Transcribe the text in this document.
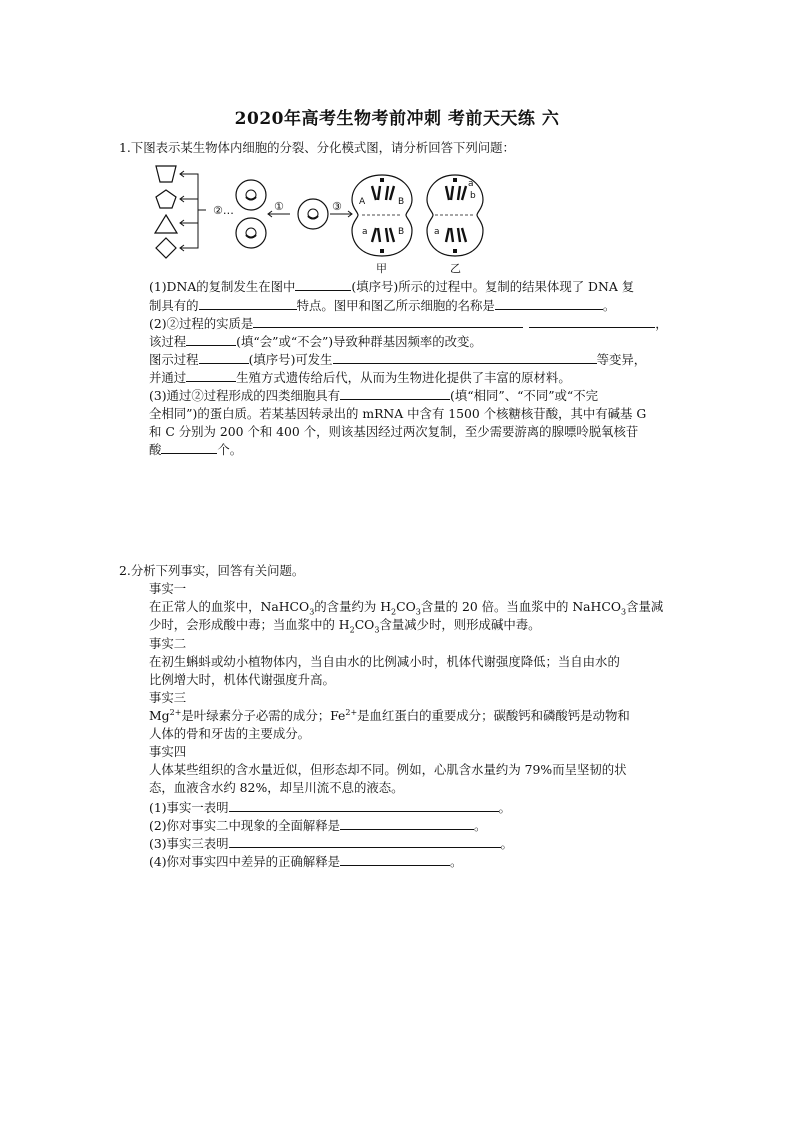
2020年高考生物考前冲刺 考前天天练 六
1.下图表示某生物体内细胞的分裂、分化模式图，请分析回答下列问题：
②…	①	③ A	B
a	B
甲
a
b
a
乙
(1)DNA的复制发生在图中	(填序号)所示的过程中。复制的结果体现了 DNA 复
制具有的	特点。图甲和图乙所示细胞的名称是	。
(2)②过程的实质是	，
该过程	(填“会”或“不会”)导致种群基因频率的改变。
图示过程	(填序号)可发生	等变异，
并通过	生殖方式遗传给后代，从而为生物进化提供了丰富的原材料。
(3)通过②过程形成的四类细胞具有	(填“相同”、“不同”或“不完
全相同”)的蛋白质。若某基因转录出的 mRNA 中含有 1500 个核糖核苷酸，其中有碱基 G
和 C 分别为 200 个和 400 个，则该基因经过两次复制，至少需要游离的腺嘌呤脱氧核苷
酸	个。
2.分析下列事实，回答有关问题。
事实一
在正常人的血浆中，NaHCO$_3$的含量约为 $H_2CO_3$含量的 20 倍。当血浆中的 NaHCO$_3$含量减
少时，会形成酸中毒；当血浆中的 $H_2CO_3$含量减少时，则形成碱中毒。
事实二
在初生蝌蚪或幼小植物体内，当自由水的比例减小时，机体代谢强度降低；当自由水的
比例增大时，机体代谢强度升高。
事实三
$Mg^{2+}$是叶绿素分子必需的成分；$Fe^{2+}$是血红蛋白的重要成分；碳酸钙和磷酸钙是动物和
人体的骨和牙齿的主要成分。
事实四
人体某些组织的含水量近似，但形态却不同。例如，心肌含水量约为 79%而呈坚韧的状
态，血液含水约 82%，却呈川流不息的液态。
(1)事实一表明	。
(2)你对事实二中现象的全面解释是	。
(3)事实三表明	。
(4)你对事实四中差异的正确解释是	。
